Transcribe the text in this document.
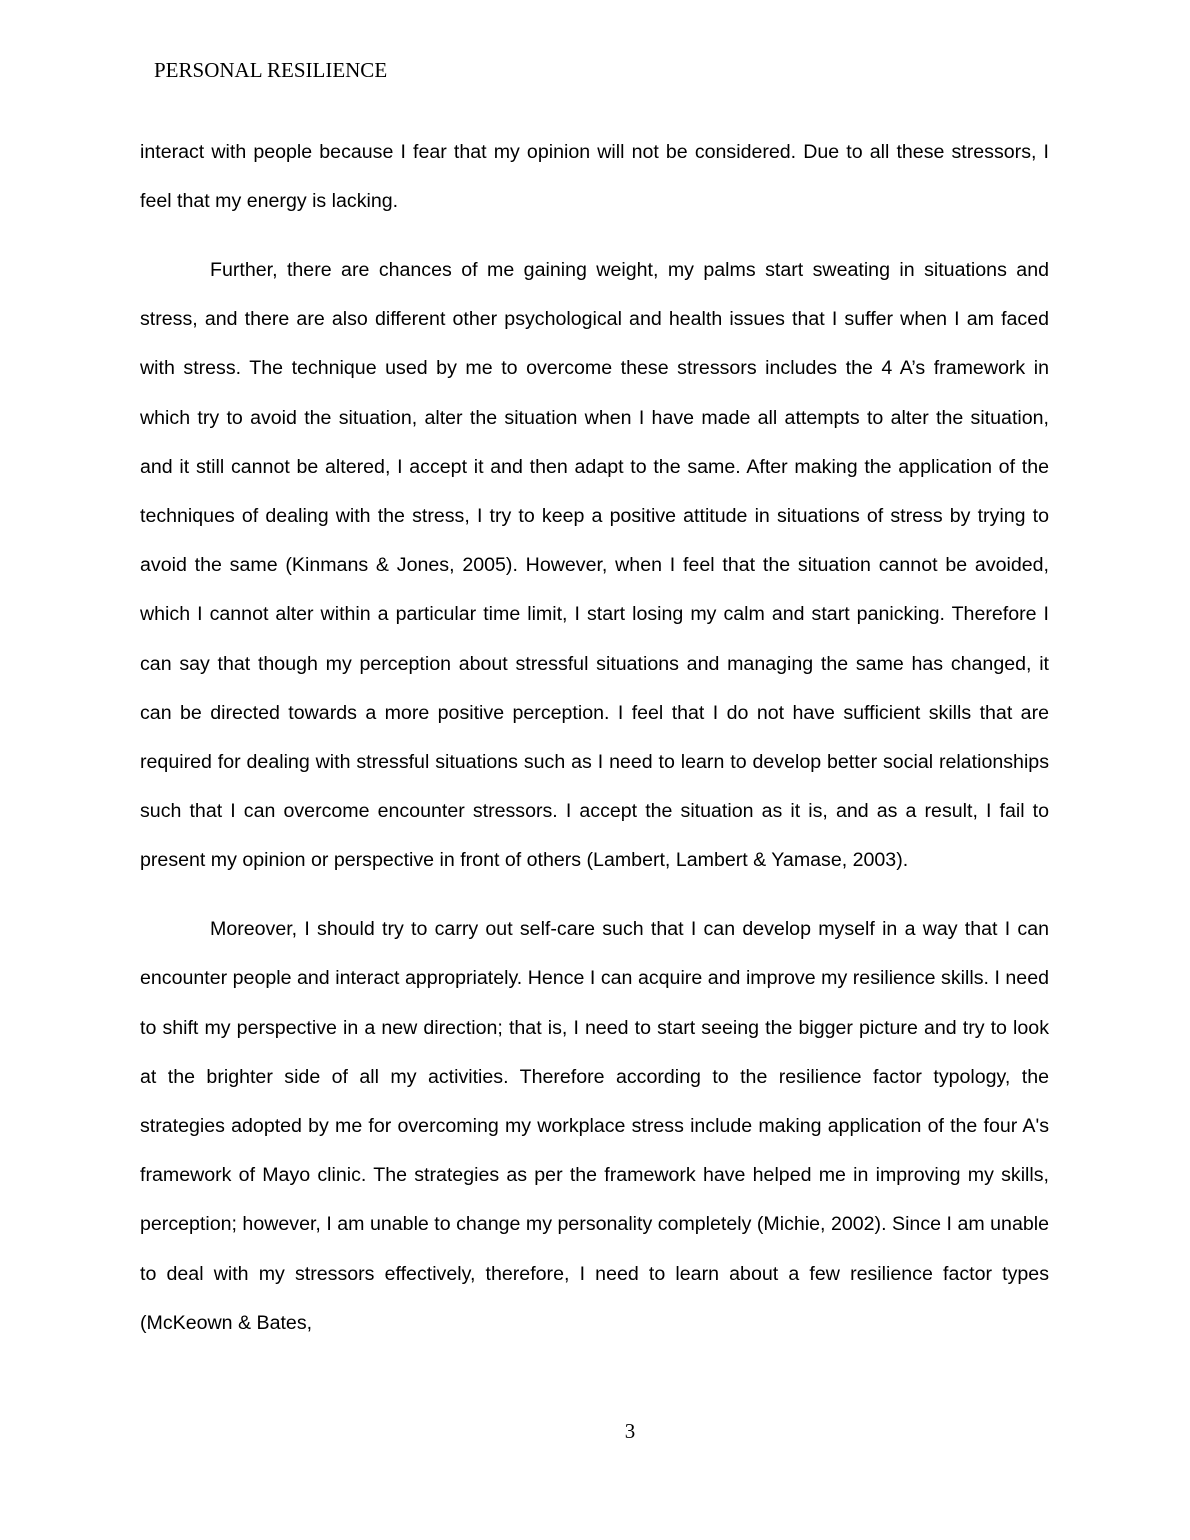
PERSONAL RESILIENCE

interact with people because I fear that my opinion will not be considered. Due to all these stressors, I feel that my energy is lacking.

Further, there are chances of me gaining weight, my palms start sweating in situations and stress, and there are also different other psychological and health issues that I suffer when I am faced with stress. The technique used by me to overcome these stressors includes the 4 A’s framework in which try to avoid the situation, alter the situation when I have made all attempts to alter the situation, and it still cannot be altered, I accept it and then adapt to the same. After making the application of the techniques of dealing with the stress, I try to keep a positive attitude in situations of stress by trying to avoid the same (Kinmans & Jones, 2005). However, when I feel that the situation cannot be avoided, which I cannot alter within a particular time limit, I start losing my calm and start panicking. Therefore I can say that though my perception about stressful situations and managing the same has changed, it can be directed towards a more positive perception. I feel that I do not have sufficient skills that are required for dealing with stressful situations such as I need to learn to develop better social relationships such that I can overcome encounter stressors. I accept the situation as it is, and as a result, I fail to present my opinion or perspective in front of others (Lambert, Lambert & Yamase, 2003).

Moreover, I should try to carry out self-care such that I can develop myself in a way that I can encounter people and interact appropriately. Hence I can acquire and improve my resilience skills. I need to shift my perspective in a new direction; that is, I need to start seeing the bigger picture and try to look at the brighter side of all my activities. Therefore according to the resilience factor typology, the strategies adopted by me for overcoming my workplace stress include making application of the four A's framework of Mayo clinic. The strategies as per the framework have helped me in improving my skills, perception; however, I am unable to change my personality completely (Michie, 2002). Since I am unable to deal with my stressors effectively, therefore, I need to learn about a few resilience factor types (McKeown & Bates,

3
